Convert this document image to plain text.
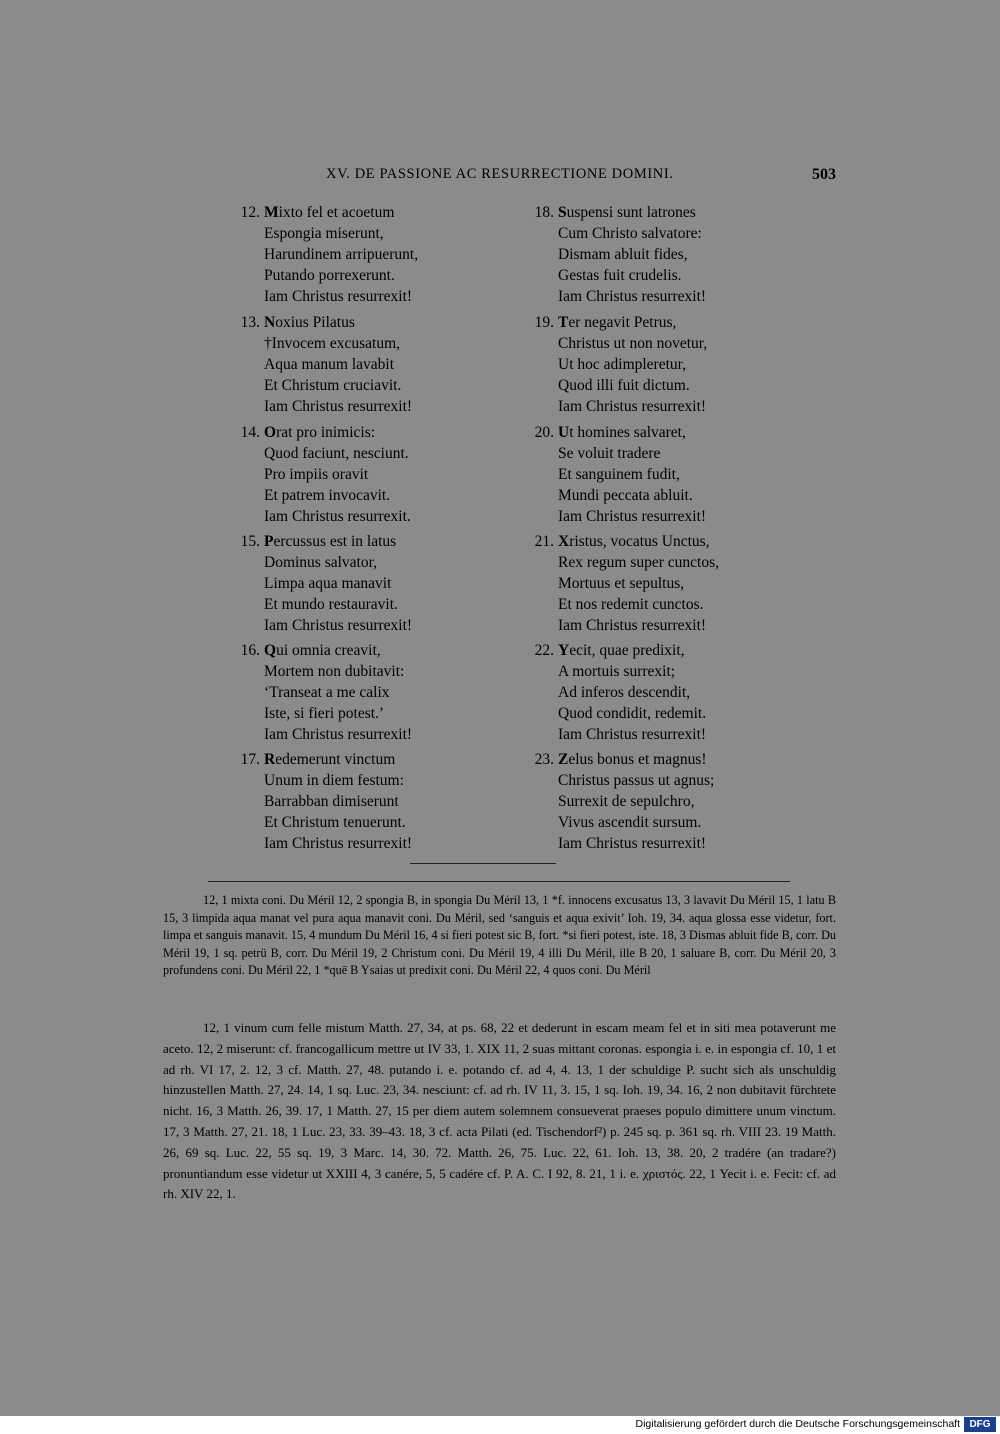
XV. DE PASSIONE AC RESURRECTIONE DOMINI.	503
12. Mixto fel et acoetum
Espongia miserunt,
Harundinem arripuerunt,
Putando porrexerunt.
Iam Christus resurrexit!
13. Noxius Pilatus
†Invocem excusatum,
Aqua manum lavabit
Et Christum cruciavit.
Iam Christus resurrexit!
14. Orat pro inimicis:
Quod faciunt, nesciunt.
Pro impiis oravit
Et patrem invocavit.
Iam Christus resurrexit.
15. Percussus est in latus
Dominus salvator,
Limpa aqua manavit
Et mundo restauravit.
Iam Christus resurrexit!
16. Qui omnia creavit,
Mortem non dubitavit:
‘Transeat a me calix
Iste, si fieri potest.’
Iam Christus resurrexit!
17. Redemerunt vinctum
Unum in diem festum:
Barrabban dimiserunt
Et Christum tenuerunt.
Iam Christus resurrexit!
18. Suspensi sunt latrones
Cum Christo salvatore:
Dismam abluit fides,
Gestas fuit crudelis.
Iam Christus resurrexit!
19. Ter negavit Petrus,
Christus ut non novetur,
Ut hoc adimpleretur,
Quod illi fuit dictum.
Iam Christus resurrexit!
20. Ut homines salvaret,
Se voluit tradere
Et sanguinem fudit,
Mundi peccata abluit.
Iam Christus resurrexit!
21. Xristus, vocatus Unctus,
Rex regum super cunctos,
Mortuus et sepultus,
Et nos redemit cunctos.
Iam Christus resurrexit!
22. Yecit, quae predixit,
A mortuis surrexit;
Ad inferos descendit,
Quod condidit, redemit.
Iam Christus resurrexit!
23. Zelus bonus et magnus!
Christus passus ut agnus;
Surrexit de sepulchro,
Vivus ascendit sursum.
Iam Christus resurrexit!

12, 1 mixta coni. Du Méril 12, 2 spongia B, in spongia Du Méril 13, 1 *f. innocens excusatus 13, 3 lavavit Du Méril 15, 1 latu B 15, 3 limpida aqua manat vel pura aqua manavit coni. Du Méril, sed ‘sanguis et aqua exivit’ Ioh. 19, 34. aqua glossa esse videtur, fort. limpa et sanguis manavit. 15, 4 mundum Du Méril 16, 4 si fieri potest sic B, fort. *si fieri potest, iste. 18, 3 Dismas abluit fide B, corr. Du Méril 19, 1 sq. petrü B, corr. Du Méril 19, 2 Christum coni. Du Méril 19, 4 illi Du Méril, ille B 20, 1 saluare B, corr. Du Méril 20, 3 profundens coni. Du Méril 22, 1 *quē B Ysaias ut predixit coni. Du Méril 22, 4 quos coni. Du Méril

12, 1 vinum cum felle mistum Matth. 27, 34, at ps. 68, 22 et dederunt in escam meam fel et in siti mea potaverunt me aceto. 12, 2 miserunt: cf. francogallicum mettre ut IV 33, 1. XIX 11, 2 suas mittant coronas. espongia i. e. in espongia cf. 10, 1 et ad rh. VI 17, 2. 12, 3 cf. Matth. 27, 48. putando i. e. potando cf. ad 4, 4. 13, 1 der schuldige P. sucht sich als unschuldig hinzustellen Matth. 27, 24. 14, 1 sq. Luc. 23, 34. nesciunt: cf. ad rh. IV 11, 3. 15, 1 sq. Ioh. 19, 34. 16, 2 non dubitavit fürchtete nicht. 16, 3 Matth. 26, 39. 17, 1 Matth. 27, 15 per diem autem solemnem consueverat praeses populo dimittere unum vinctum. 17, 3 Matth. 27, 21. 18, 1 Luc. 23, 33. 39–43. 18, 3 cf. acta Pilati (ed. Tischendorf²) p. 245 sq. p. 361 sq. rh. VIII 23. 19 Matth. 26, 69 sq. Luc. 22, 55 sq. 19, 3 Marc. 14, 30. 72. Matth. 26, 75. Luc. 22, 61. Ioh. 13, 38. 20, 2 tradére (an tradare?) pronuntiandum esse videtur ut XXIII 4, 3 canére, 5, 5 cadére cf. P. A. C. I 92, 8. 21, 1 i. e. χριστός. 22, 1 Yecit i. e. Fecit: cf. ad rh. XIV 22, 1.

Digitalisierung gefördert durch die Deutsche Forschungsgemeinschaft DFG
